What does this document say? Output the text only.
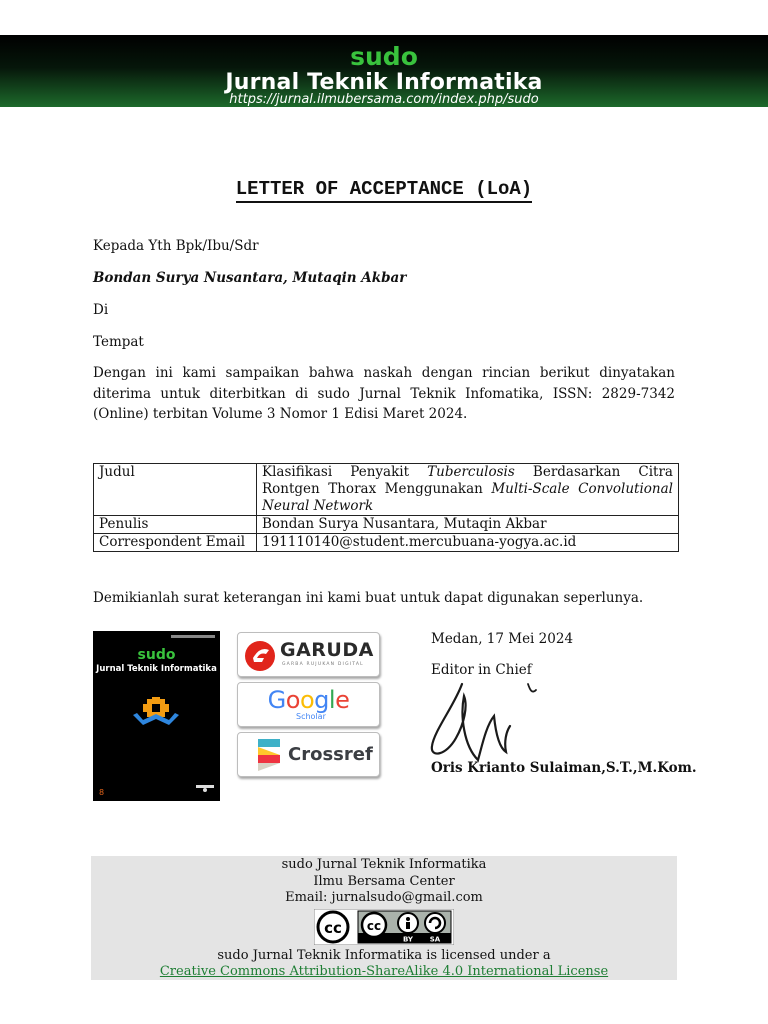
sudo
Jurnal Teknik Informatika
https://jurnal.ilmubersama.com/index.php/sudo
LETTER OF ACCEPTANCE (LoA)
Kepada Yth Bpk/Ibu/Sdr
Bondan Surya Nusantara, Mutaqin Akbar
Di
Tempat
Dengan ini kami sampaikan bahwa naskah dengan rincian berikut dinyatakan diterima untuk diterbitkan di sudo Jurnal Teknik Infomatika, ISSN: 2829-7342 (Online) terbitan Volume 3 Nomor 1 Edisi Maret 2024.
Judul	Klasifikasi Penyakit Tuberculosis Berdasarkan Citra Rontgen Thorax Menggunakan Multi-Scale Convolutional Neural Network
Penulis	Bondan Surya Nusantara, Mutaqin Akbar
Correspondent Email	191110140@student.mercubuana-yogya.ac.id
Demikianlah surat keterangan ini kami buat untuk dapat digunakan seperlunya.
sudo
Jurnal Teknik Informatika
8
GARUDA
GARBA RUJUKAN DIGITAL
Google
Scholar
Crossref
Medan, 17 Mei 2024
Editor in Chief
Oris Krianto Sulaiman,S.T.,M.Kom.
sudo Jurnal Teknik Informatika
Ilmu Bersama Center
Email: jurnalsudo@gmail.com
cc cc
BY SA
sudo Jurnal Teknik Informatika is licensed under a
Creative Commons Attribution-ShareAlike 4.0 International License
